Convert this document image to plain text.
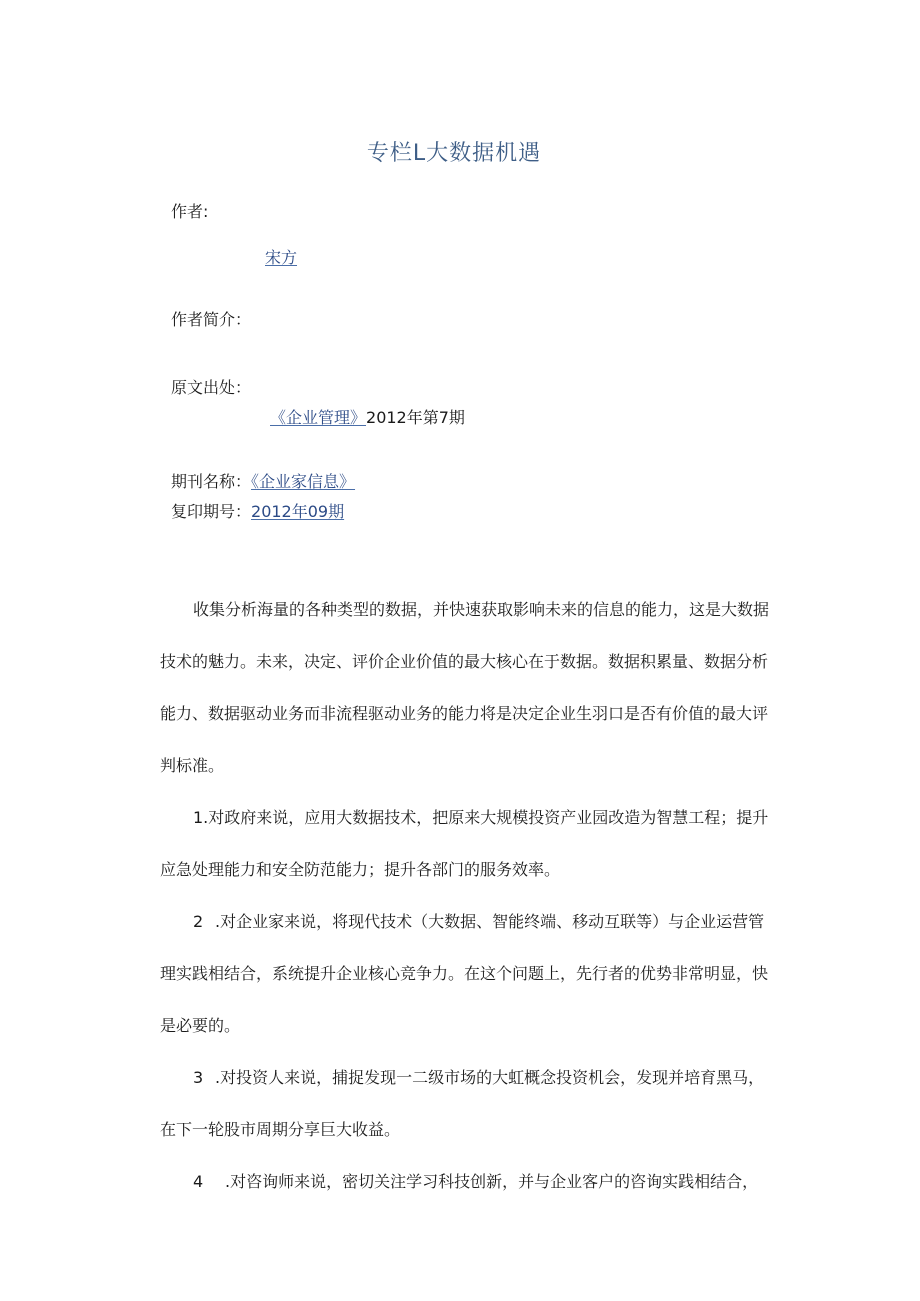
专栏L大数据机遇
作者:
宋方
作者简介：
原文出处：
《企业管理》2012年第7期
期刊名称：《企业家信息》
复印期号：2012年09期
收集分析海量的各种类型的数据，并快速获取影响未来的信息的能力，这是大数据
技术的魅力。未来，决定、评价企业价值的最大核心在于数据。数据积累量、数据分析
能力、数据驱动业务而非流程驱动业务的能力将是决定企业生羽口是否有价值的最大评
判标准。
1.对政府来说，应用大数据技术，把原来大规模投资产业园改造为智慧工程；提升
应急处理能力和安全防范能力；提升各部门的服务效率。
2 .对企业家来说，将现代技术（大数据、智能终端、移动互联等）与企业运营管
理实践相结合，系统提升企业核心竞争力。在这个问题上，先行者的优势非常明显，快
是必要的。
3 .对投资人来说，捕捉发现一二级市场的大虹概念投资机会，发现并培育黑马，
在下一轮股市周期分享巨大收益。
4 .对咨询师来说，密切关注学习科技创新，并与企业客户的咨询实践相结合，
